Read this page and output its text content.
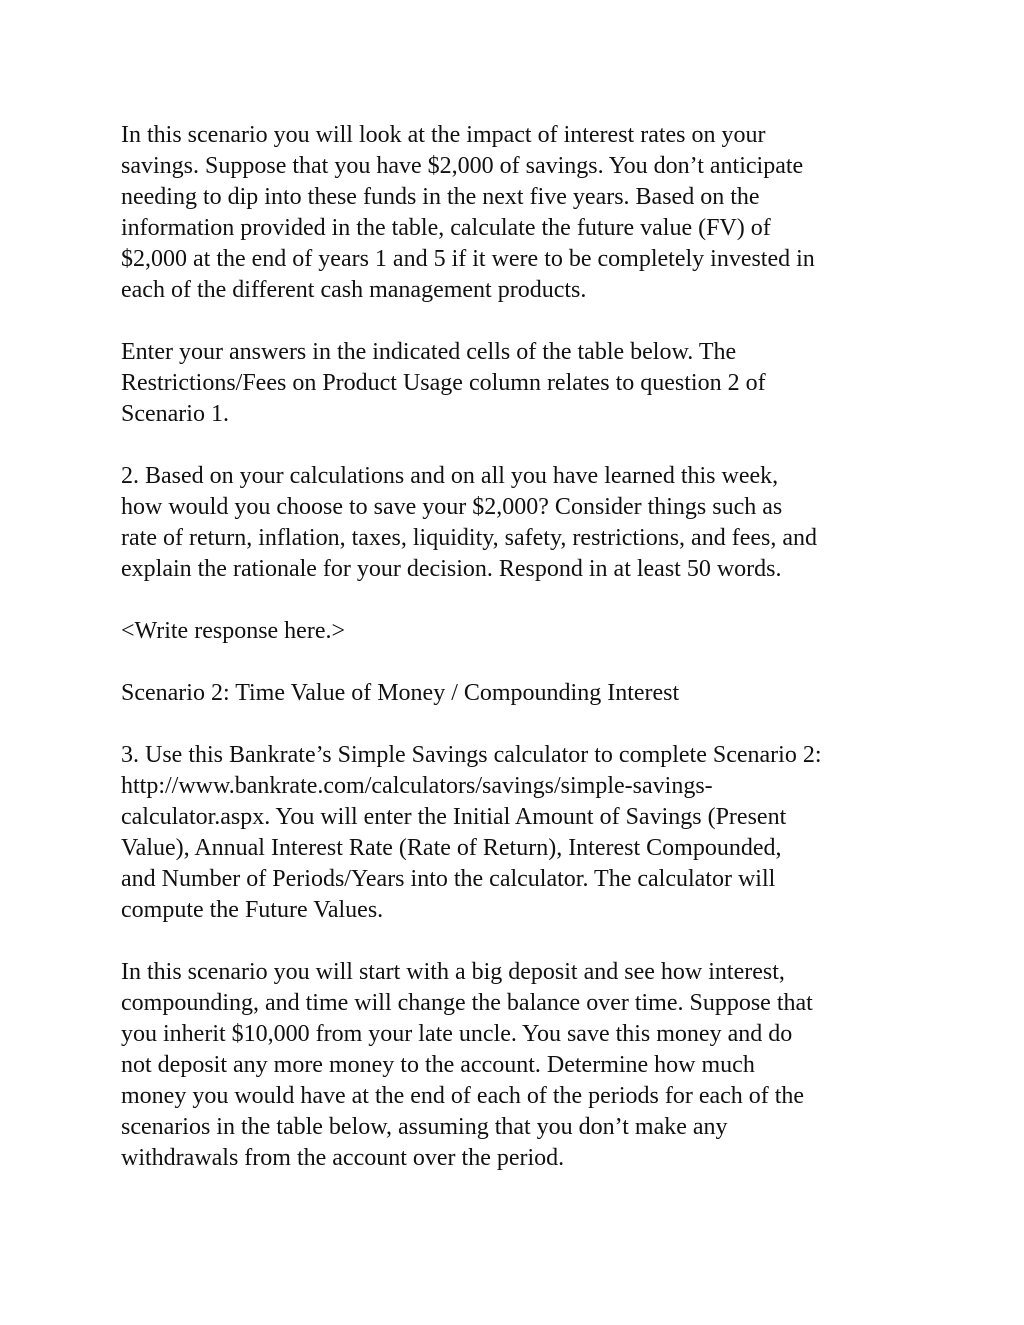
In this scenario you will look at the impact of interest rates on your
savings. Suppose that you have $2,000 of savings. You don’t anticipate
needing to dip into these funds in the next five years. Based on the
information provided in the table, calculate the future value (FV) of
$2,000 at the end of years 1 and 5 if it were to be completely invested in
each of the different cash management products.

Enter your answers in the indicated cells of the table below. The
Restrictions/Fees on Product Usage column relates to question 2 of
Scenario 1.

2. Based on your calculations and on all you have learned this week,
how would you choose to save your $2,000? Consider things such as
rate of return, inflation, taxes, liquidity, safety, restrictions, and fees, and
explain the rationale for your decision. Respond in at least 50 words.

<Write response here.>

Scenario 2: Time Value of Money / Compounding Interest

3. Use this Bankrate’s Simple Savings calculator to complete Scenario 2:
http://www.bankrate.com/calculators/savings/simple-savings-
calculator.aspx. You will enter the Initial Amount of Savings (Present
Value), Annual Interest Rate (Rate of Return), Interest Compounded,
and Number of Periods/Years into the calculator. The calculator will
compute the Future Values.

In this scenario you will start with a big deposit and see how interest,
compounding, and time will change the balance over time. Suppose that
you inherit $10,000 from your late uncle. You save this money and do
not deposit any more money to the account. Determine how much
money you would have at the end of each of the periods for each of the
scenarios in the table below, assuming that you don’t make any
withdrawals from the account over the period.
